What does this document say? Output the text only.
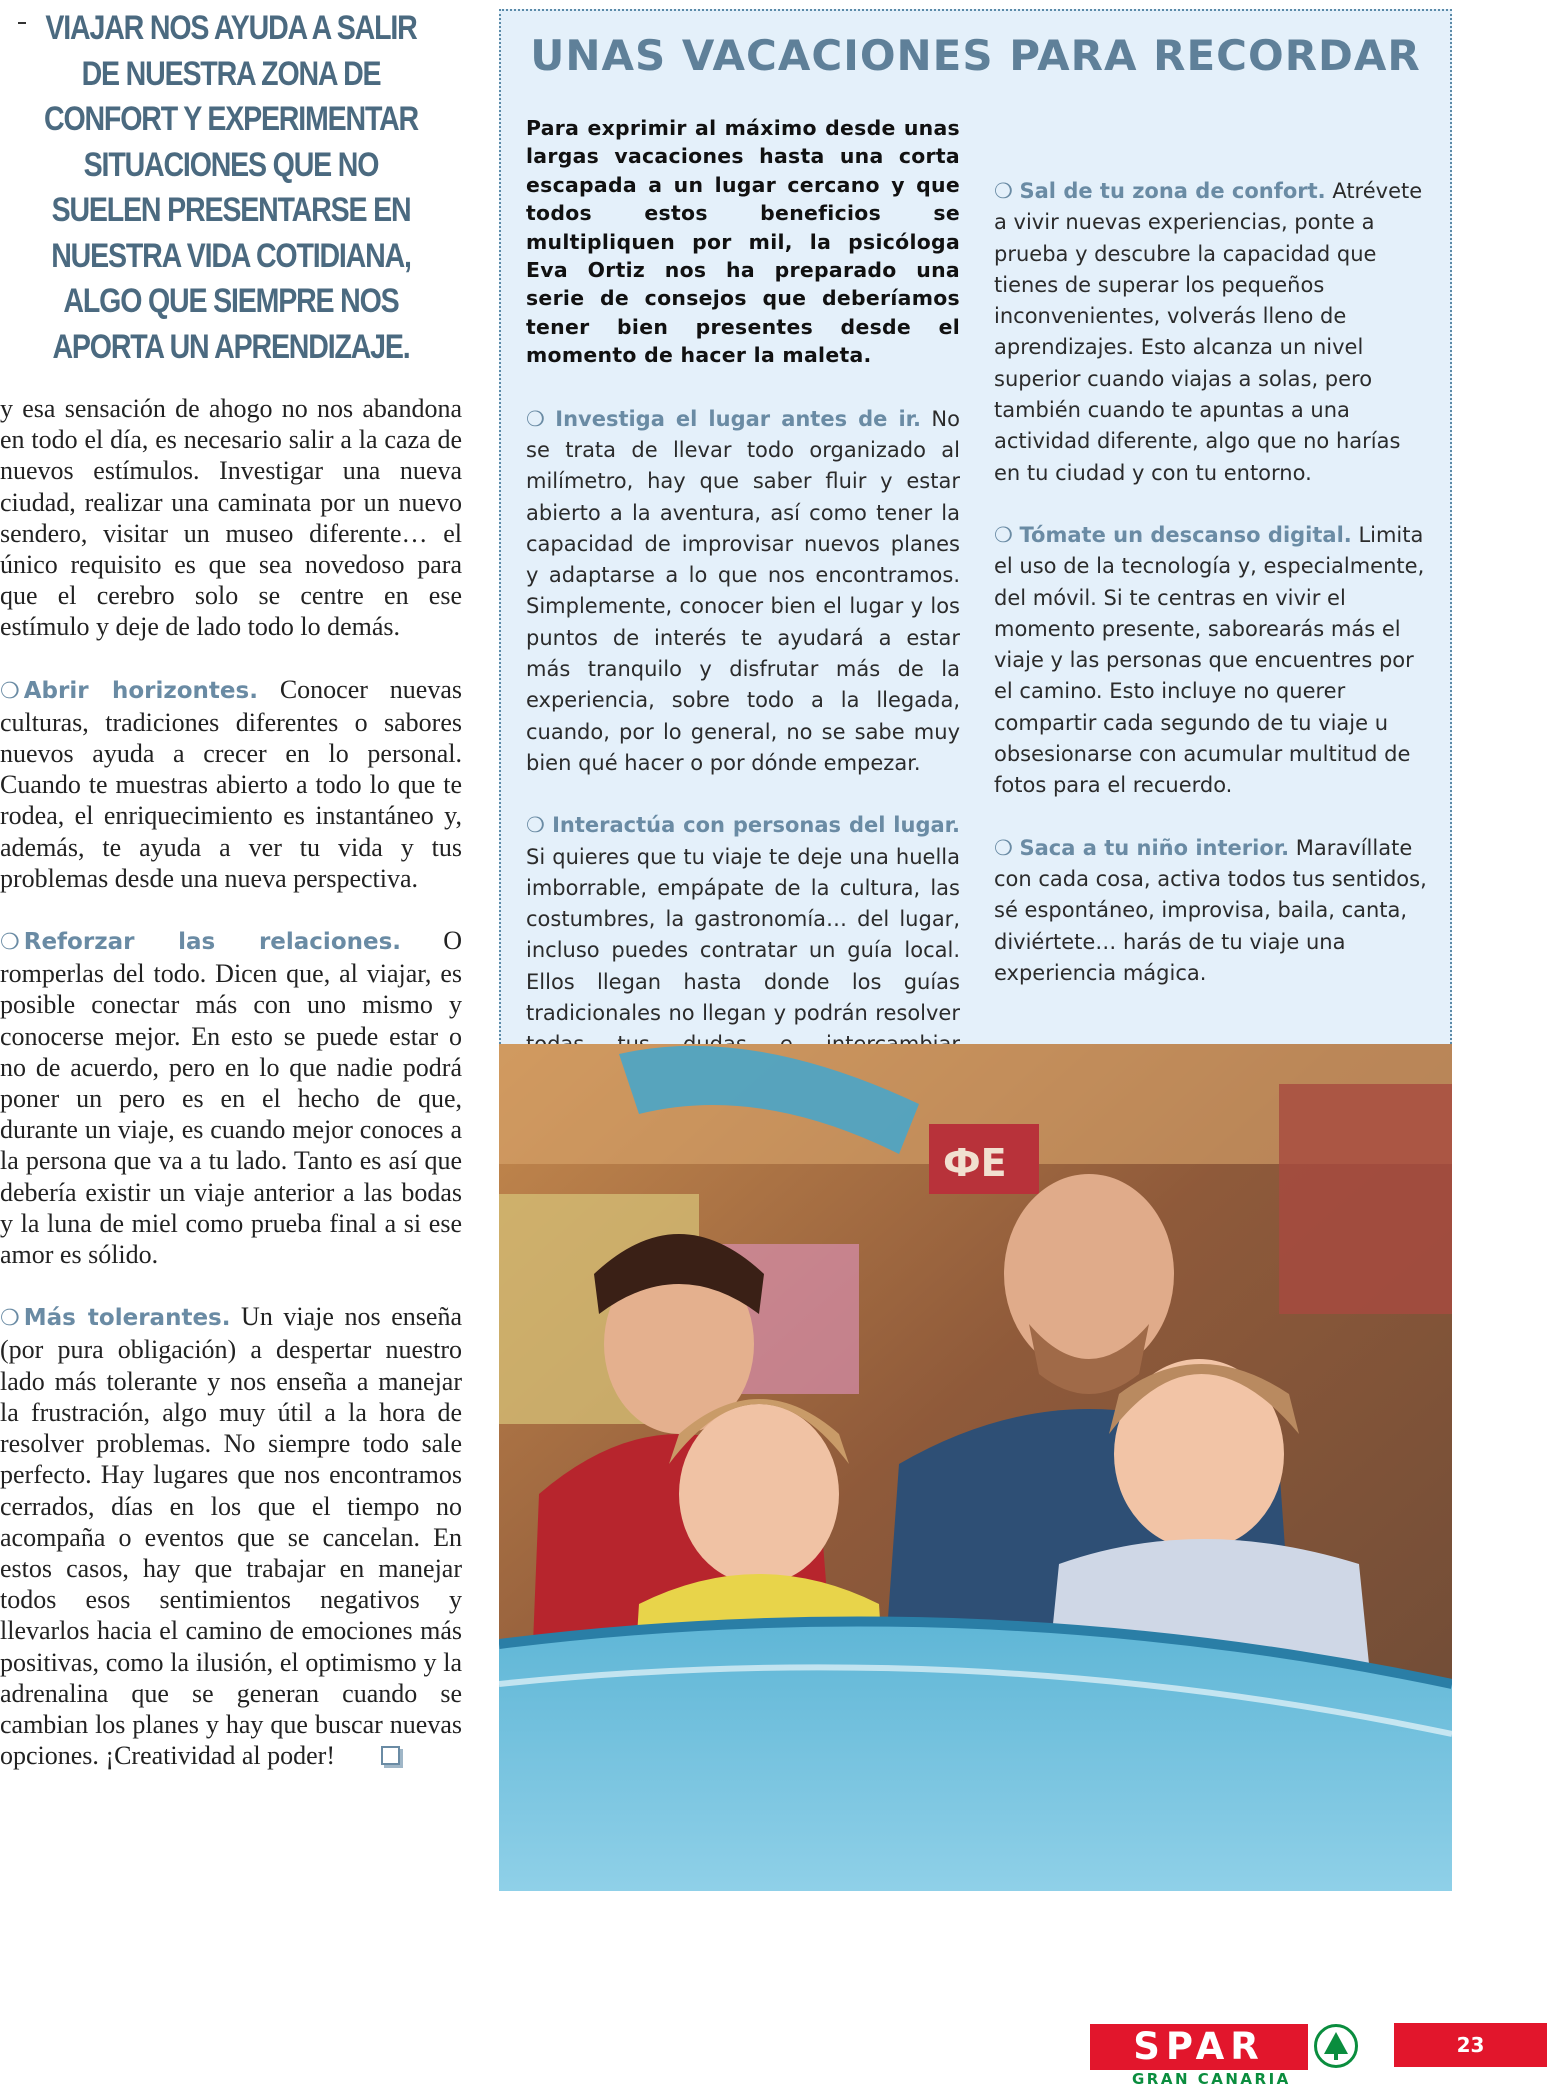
VIAJAR NOS AYUDA A SALIR DE NUESTRA ZONA DE CONFORT Y EXPERIMENTAR SITUACIONES QUE NO SUELEN PRESENTARSE EN NUESTRA VIDA COTIDIANA, ALGO QUE SIEMPRE NOS APORTA UN APRENDIZAJE.

y esa sensación de ahogo no nos abandona en todo el día, es necesario salir a la caza de nuevos estímulos. Investigar una nueva ciudad, realizar una caminata por un nuevo sendero, visitar un museo diferente… el único requisito es que sea novedoso para que el cerebro solo se centre en ese estímulo y deje de lado todo lo demás.

❍ Abrir horizontes. Conocer nuevas culturas, tradiciones diferentes o sabores nuevos ayuda a crecer en lo personal. Cuando te muestras abierto a todo lo que te rodea, el enriquecimiento es instantáneo y, además, te ayuda a ver tu vida y tus problemas desde una nueva perspectiva.

❍ Reforzar las relaciones. O romperlas del todo. Dicen que, al viajar, es posible conectar más con uno mismo y conocerse mejor. En esto se puede estar o no de acuerdo, pero en lo que nadie podrá poner un pero es en el hecho de que, durante un viaje, es cuando mejor conoces a la persona que va a tu lado. Tanto es así que debería existir un viaje anterior a las bodas y la luna de miel como prueba final a si ese amor es sólido.

❍ Más tolerantes. Un viaje nos enseña (por pura obligación) a despertar nuestro lado más tolerante y nos enseña a manejar la frustración, algo muy útil a la hora de resolver problemas. No siempre todo sale perfecto. Hay lugares que nos encontramos cerrados, días en los que el tiempo no acompaña o eventos que se cancelan. En estos casos, hay que trabajar en manejar todos esos sentimientos negativos y llevarlos hacia el camino de emociones más positivas, como la ilusión, el optimismo y la adrenalina que se generan cuando se cambian los planes y hay que buscar nuevas opciones. ¡Creatividad al poder!

UNAS VACACIONES PARA RECORDAR

Para exprimir al máximo desde unas largas vacaciones hasta una corta escapada a un lugar cercano y que todos estos beneficios se multipliquen por mil, la psicóloga Eva Ortiz nos ha preparado una serie de consejos que deberíamos tener bien presentes desde el momento de hacer la maleta.

❍ Investiga el lugar antes de ir. No se trata de llevar todo organizado al milímetro, hay que saber fluir y estar abierto a la aventura, así como tener la capacidad de improvisar nuevos planes y adaptarse a lo que nos encontramos. Simplemente, conocer bien el lugar y los puntos de interés te ayudará a estar más tranquilo y disfrutar más de la experiencia, sobre todo a la llegada, cuando, por lo general, no se sabe muy bien qué hacer o por dónde empezar.

❍ Interactúa con personas del lugar. Si quieres que tu viaje te deje una huella imborrable, empápate de la cultura, las costumbres, la gastronomía… del lugar, incluso puedes contratar un guía local. Ellos llegan hasta donde los guías tradicionales no llegan y podrán resolver

❍ Sal de tu zona de confort. Atrévete a vivir nuevas experiencias, ponte a prueba y descubre la capacidad que tienes de superar los pequeños inconvenientes, volverás lleno de aprendizajes. Esto alcanza un nivel superior cuando viajas a solas, pero también cuando te apuntas a una actividad diferente, algo que no harías en tu ciudad y con tu entorno.

❍ Tómate un descanso digital. Limita el uso de la tecnología y, especialmente, del móvil. Si te centras en vivir el momento presente, saborearás más el viaje y las personas que encuentres por el camino. Esto incluye no querer compartir cada segundo de tu viaje u obsesionarse con acumular multitud de fotos para el recuerdo.

❍ Saca a tu niño interior. Maravíllate con cada cosa, activa todos tus sentidos, sé espontáneo, improvisa, baila, canta, diviértete… harás de tu viaje una experiencia mágica.

ФЕ
SPAR
GRAN CANARIA
23
